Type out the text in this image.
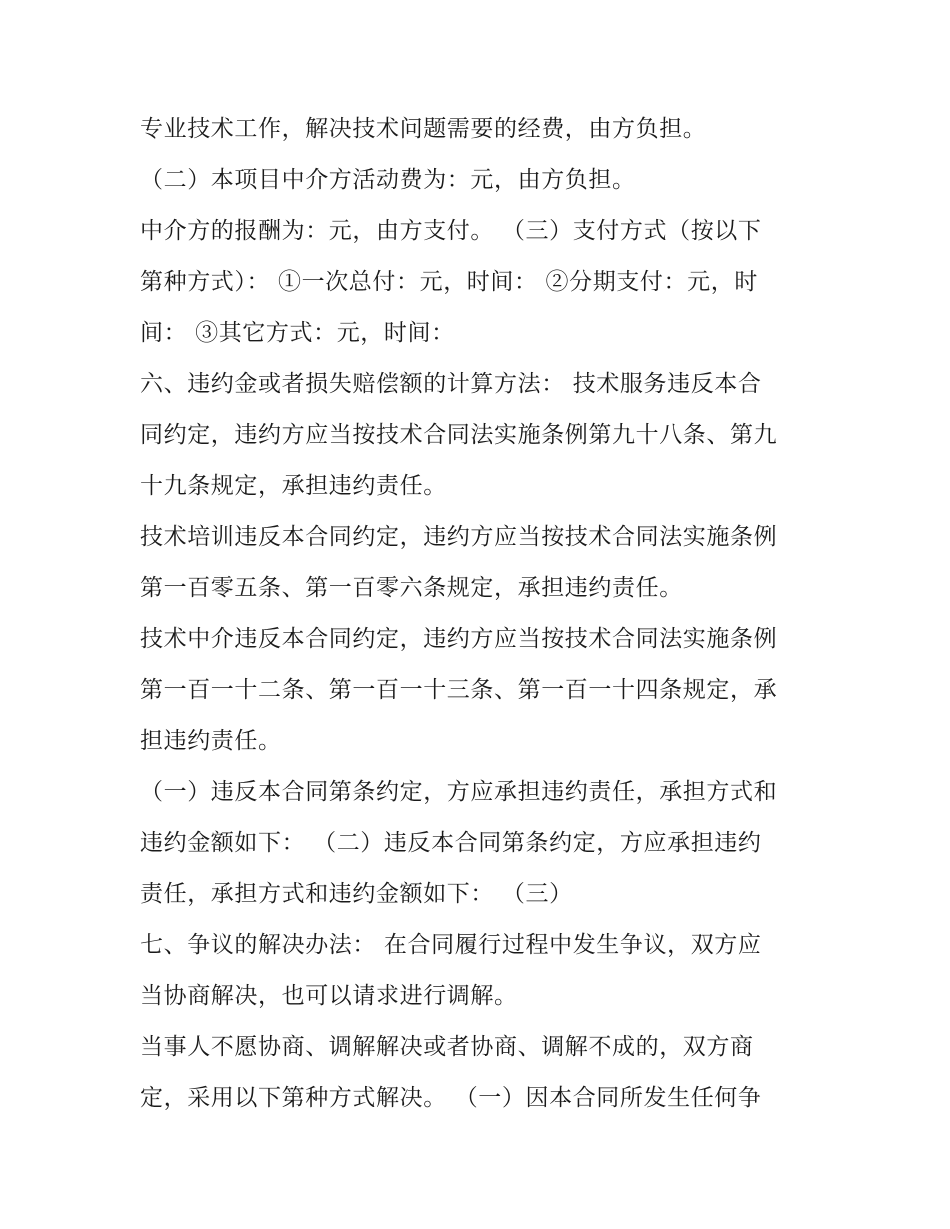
专业技术工作，解决技术问题需要的经费，由方负担。
（二）本项目中介方活动费为：元，由方负担。
中介方的报酬为：元，由方支付。 （三）支付方式（按以下
第种方式）： ①一次总付：元，时间： ②分期支付：元，时
间： ③其它方式：元，时间：
六、违约金或者损失赔偿额的计算方法： 技术服务违反本合
同约定，违约方应当按技术合同法实施条例第九十八条、第九
十九条规定，承担违约责任。
技术培训违反本合同约定，违约方应当按技术合同法实施条例
第一百零五条、第一百零六条规定，承担违约责任。
技术中介违反本合同约定，违约方应当按技术合同法实施条例
第一百一十二条、第一百一十三条、第一百一十四条规定，承
担违约责任。
（一）违反本合同第条约定，方应承担违约责任，承担方式和
违约金额如下： （二）违反本合同第条约定，方应承担违约
责任，承担方式和违约金额如下： （三）
七、争议的解决办法： 在合同履行过程中发生争议，双方应
当协商解决，也可以请求进行调解。
当事人不愿协商、调解解决或者协商、调解不成的，双方商
定，采用以下第种方式解决。 （一）因本合同所发生任何争
